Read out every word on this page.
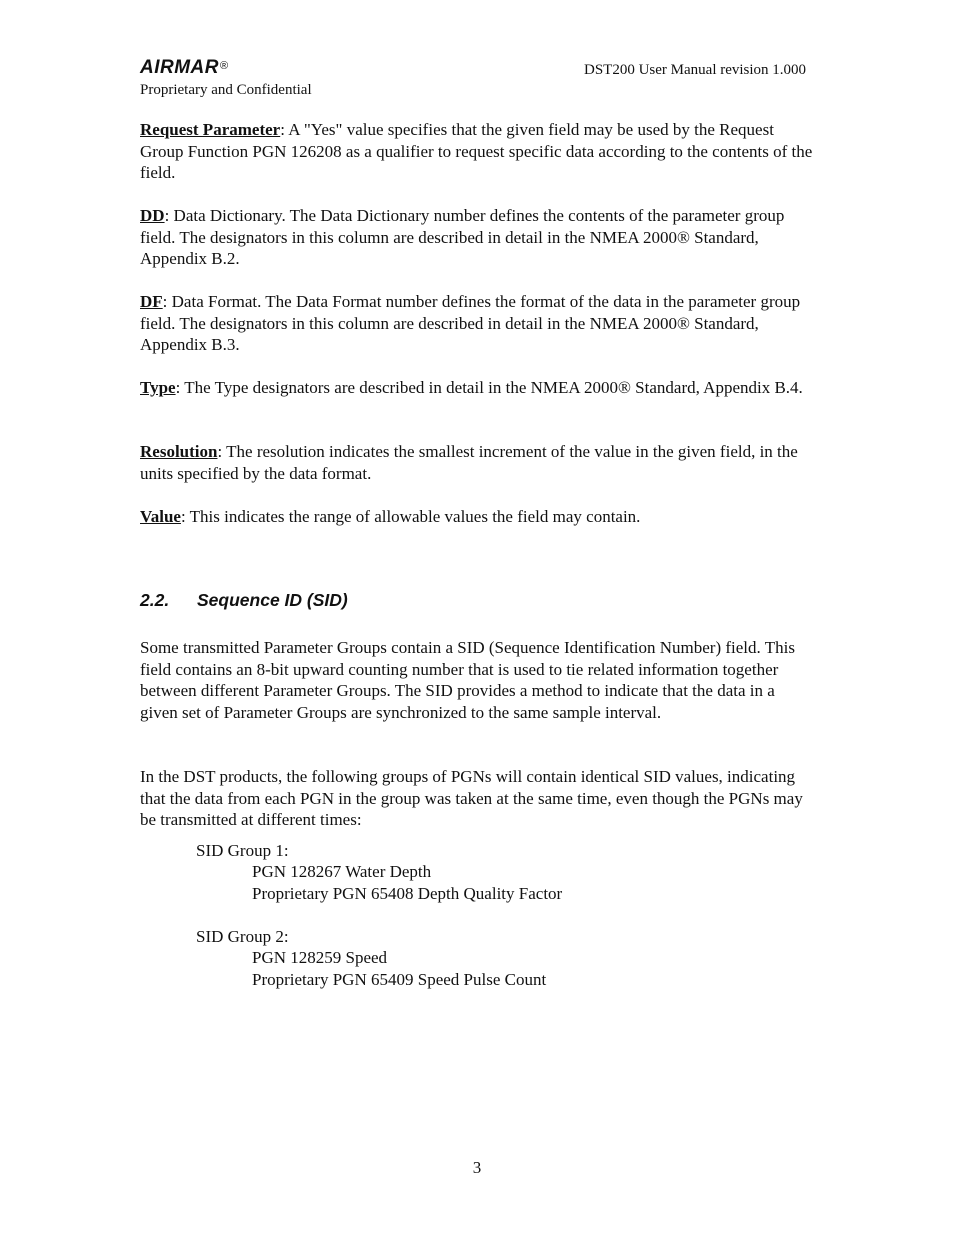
AIRMAR®	DST200 User Manual revision 1.000
Proprietary and Confidential
Request Parameter: A "Yes" value specifies that the given field may be used by the Request Group Function PGN 126208 as a qualifier to request specific data according to the contents of the field.
DD: Data Dictionary. The Data Dictionary number defines the contents of the parameter group field. The designators in this column are described in detail in the NMEA 2000® Standard, Appendix B.2.
DF: Data Format. The Data Format number defines the format of the data in the parameter group field. The designators in this column are described in detail in the NMEA 2000® Standard, Appendix B.3.
Type: The Type designators are described in detail in the NMEA 2000® Standard, Appendix B.4.
Resolution: The resolution indicates the smallest increment of the value in the given field, in the units specified by the data format.
Value: This indicates the range of allowable values the field may contain.
2.2. Sequence ID (SID)
Some transmitted Parameter Groups contain a SID (Sequence Identification Number) field. This field contains an 8-bit upward counting number that is used to tie related information together between different Parameter Groups. The SID provides a method to indicate that the data in a given set of Parameter Groups are synchronized to the same sample interval.
In the DST products, the following groups of PGNs will contain identical SID values, indicating that the data from each PGN in the group was taken at the same time, even though the PGNs may be transmitted at different times:
SID Group 1:
PGN 128267 Water Depth
Proprietary PGN 65408 Depth Quality Factor
SID Group 2:
PGN 128259 Speed
Proprietary PGN 65409 Speed Pulse Count
3
